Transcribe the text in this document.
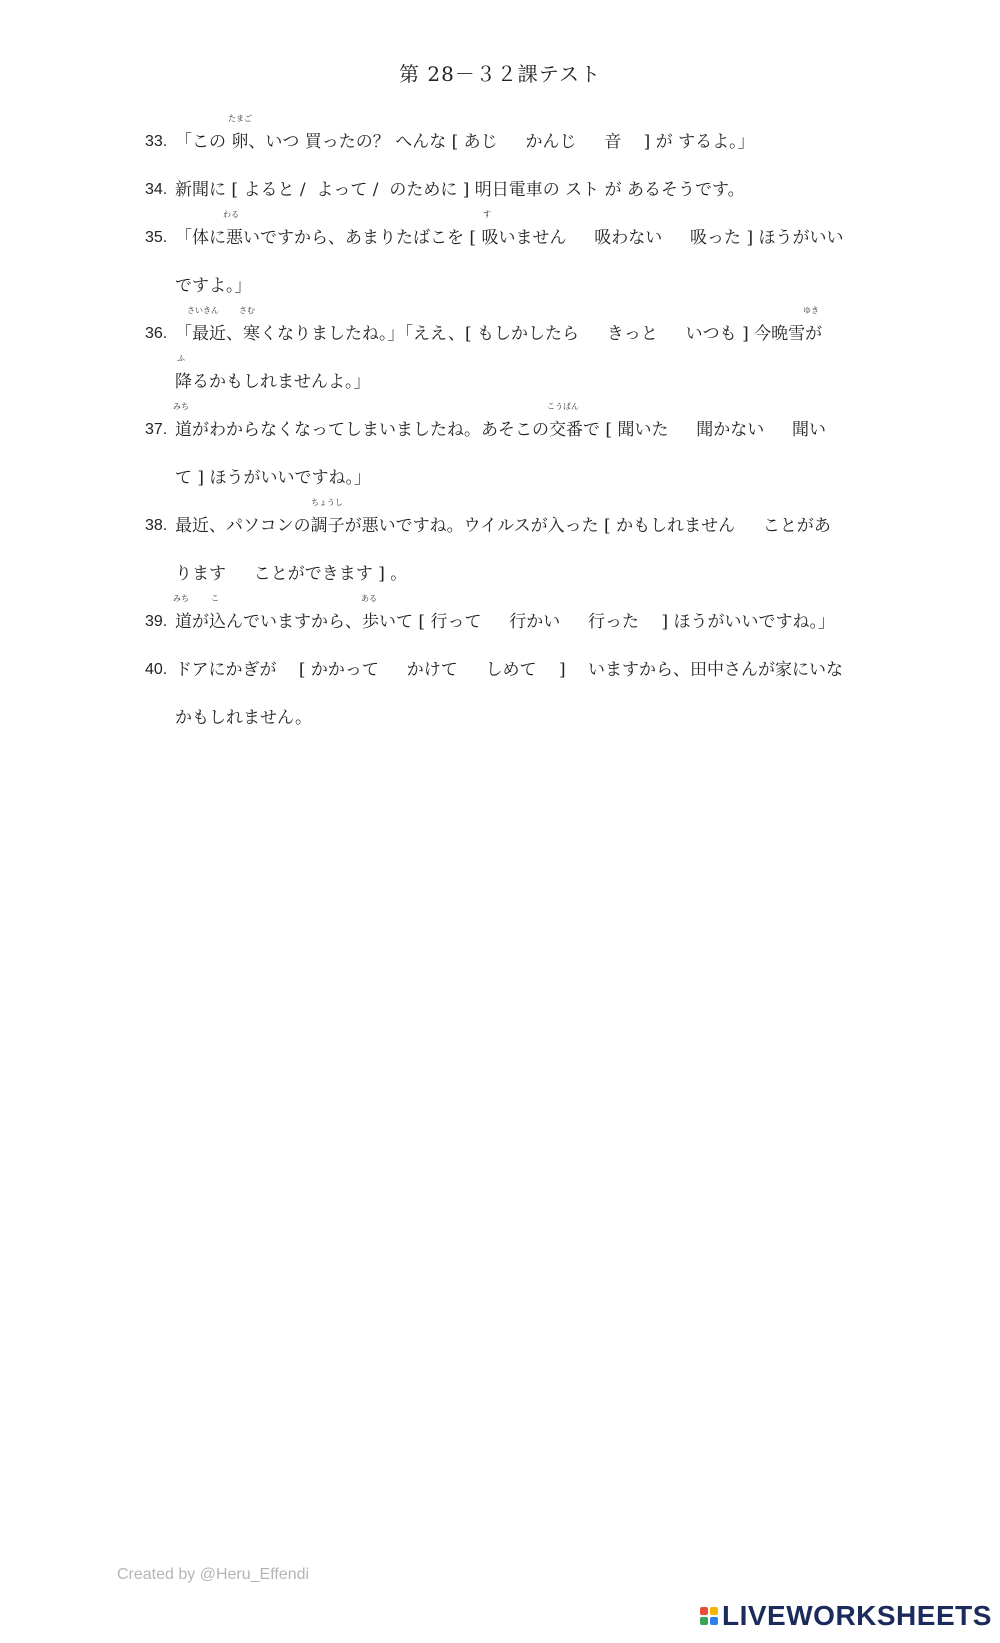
第 28－３２課テスト
33. 「この 卵、いつ 買ったの？ へんな [ あじ 　 かんじ 　 音 　] が するよ。」
たまご
34. 新聞に [ よると /  よって /  のために ] 明日電車の スト が あるそうです。
35. 「体に悪いですから、あまりたばこを [ 吸いません 　 吸わない 　 吸った ] ほうがいい
ですよ。」
わる	す
36. 「最近、寒くなりましたね。」「ええ、[ もしかしたら 　 きっと 　 いつも ] 今晩雪が
降るかもしれませんよ。」
さいきん	さむ	ゆき
ふ
37. 道がわからなくなってしまいましたね。あそこの交番で [ 聞いた 　 聞かない 　 聞い
て ] ほうがいいですね。」
みち	こうばん
38. 最近、パソコンの調子が悪いですね。ウイルスが入った [ かもしれません 　 ことがあ
ります 　 ことができます ] 。
ちょうし
39. 道が込んでいますから、歩いて [ 行って 　 行かい 　 行った 　] ほうがいいですね。」
みち	こ	ある
40. ドアにかぎが 　[ かかって 　 かけて 　 しめて 　] 　いますから、田中さんが家にいな
かもしれません。
Created by @Heru_Effendi
LIVEWORKSHEETS
